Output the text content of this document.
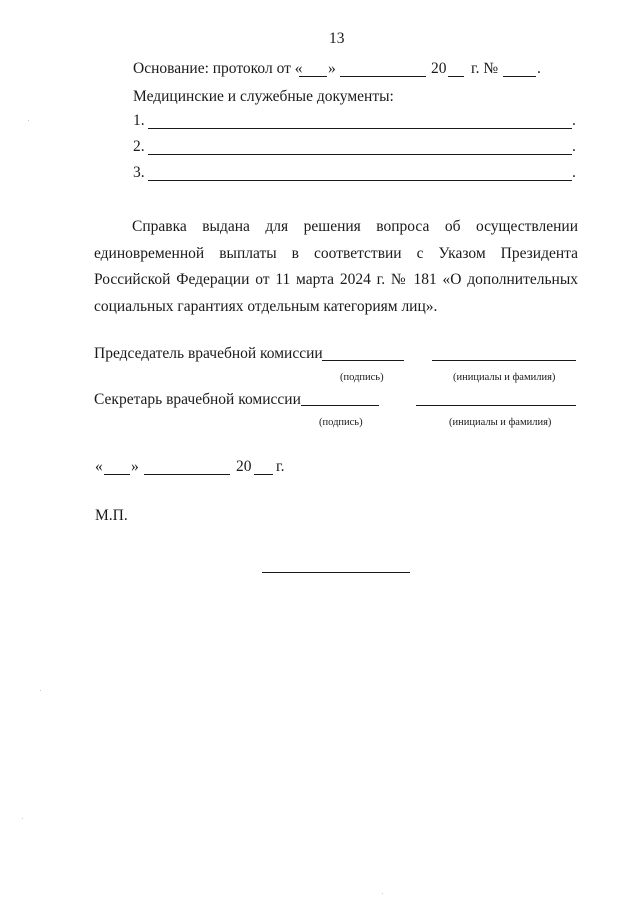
13
Основание: протокол от « »	20 г. №	.
Медицинские и служебные документы:
1.	.
2.	.
3.	.
Справка выдана для решения вопроса об осуществлении
единовременной выплаты в соответствии с Указом Президента
Российской Федерации от 11 марта 2024 г. № 181 «О дополнительных
социальных гарантиях отдельным категориям лиц».
Председатель врачебной комиссии
(подпись)	(инициалы и фамилия)
Секретарь врачебной комиссии
(подпись)	(инициалы и фамилия)
« »	20 г.
М.П.
